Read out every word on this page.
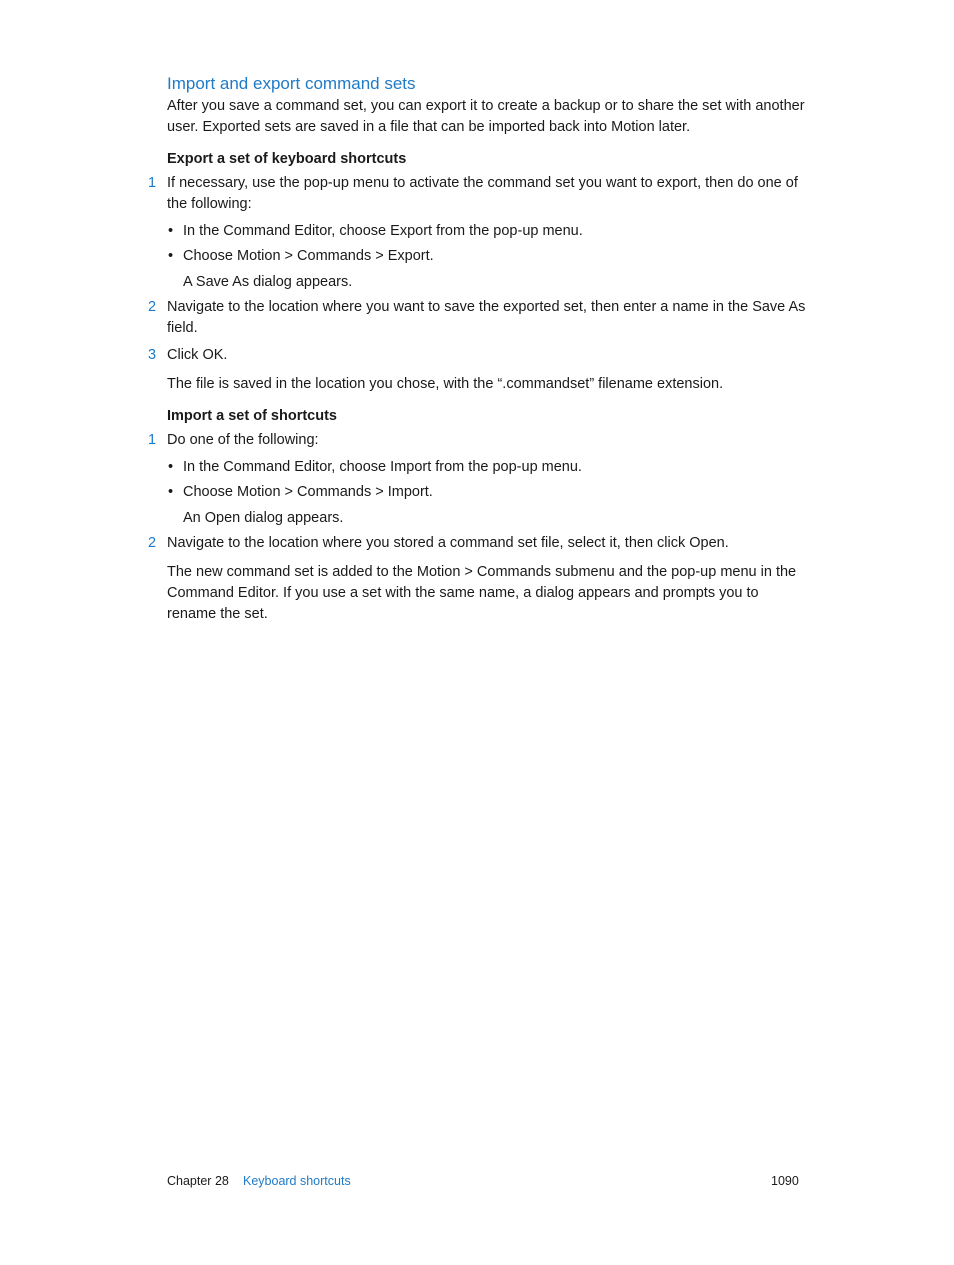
Import and export command sets
After you save a command set, you can export it to create a backup or to share the set with another user. Exported sets are saved in a file that can be imported back into Motion later.
Export a set of keyboard shortcuts
1 If necessary, use the pop-up menu to activate the command set you want to export, then do one of the following:
• In the Command Editor, choose Export from the pop-up menu.
• Choose Motion > Commands > Export.
A Save As dialog appears.
2 Navigate to the location where you want to save the exported set, then enter a name in the Save As field.
3 Click OK.
The file is saved in the location you chose, with the “.commandset” filename extension.
Import a set of shortcuts
1 Do one of the following:
• In the Command Editor, choose Import from the pop-up menu.
• Choose Motion > Commands > Import.
An Open dialog appears.
2 Navigate to the location where you stored a command set file, select it, then click Open.
The new command set is added to the Motion > Commands submenu and the pop-up menu in the Command Editor. If you use a set with the same name, a dialog appears and prompts you to rename the set.
Chapter 28 Keyboard shortcuts	1090
